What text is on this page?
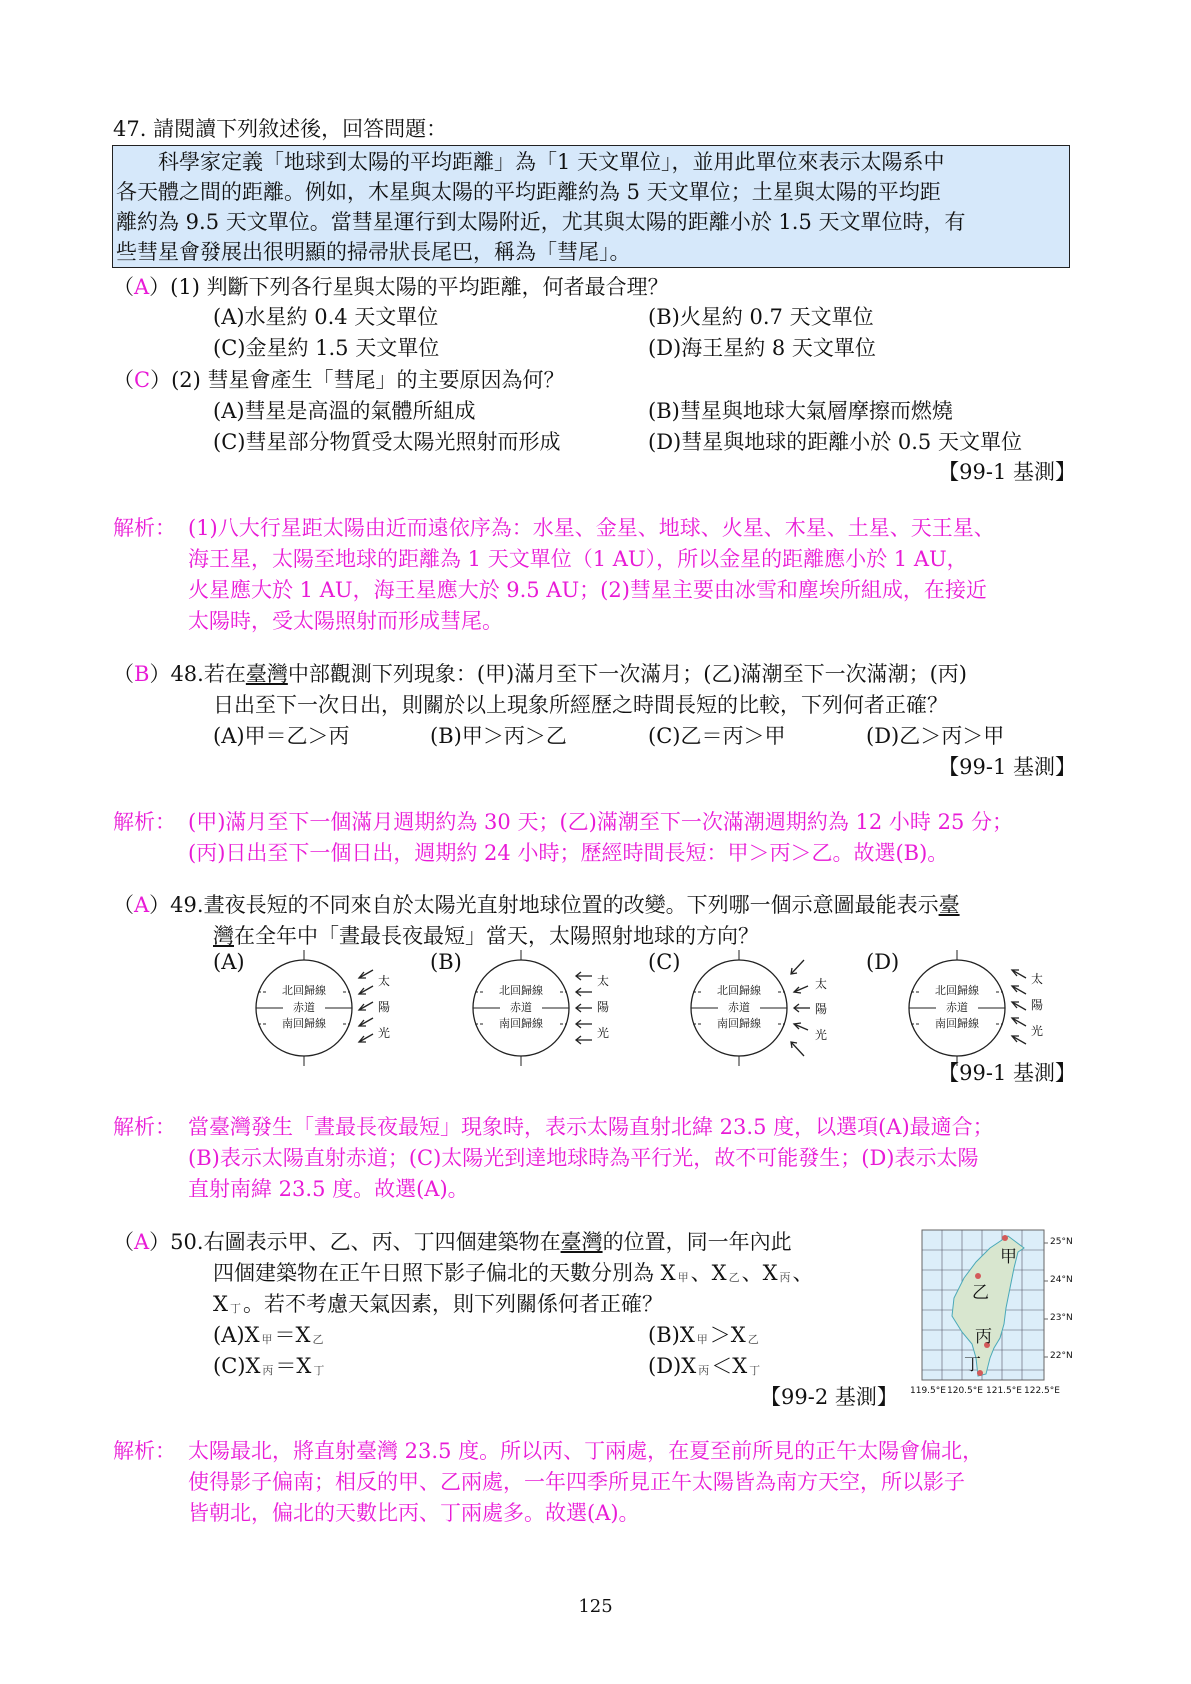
47. 請閱讀下列敘述後，回答問題：
　　科學家定義「地球到太陽的平均距離」為「1 天文單位」，並用此單位來表示太陽系中
各天體之間的距離。例如，木星與太陽的平均距離約為 5 天文單位；土星與太陽的平均距
離約為 9.5 天文單位。當彗星運行到太陽附近，尤其與太陽的距離小於 1.5 天文單位時，有
些彗星會發展出很明顯的掃帚狀長尾巴，稱為「彗尾」。
（A）(1) 判斷下列各行星與太陽的平均距離，何者最合理？
(A)水星約 0.4 天文單位	(B)火星約 0.7 天文單位
(C)金星約 1.5 天文單位	(D)海王星約 8 天文單位
（C）(2) 彗星會產生「彗尾」的主要原因為何？
(A)彗星是高溫的氣體所組成	(B)彗星與地球大氣層摩擦而燃燒
(C)彗星部分物質受太陽光照射而形成	(D)彗星與地球的距離小於 0.5 天文單位
【99-1 基測】
解析： (1)八大行星距太陽由近而遠依序為：水星、金星、地球、火星、木星、土星、天王星、
海王星，太陽至地球的距離為 1 天文單位（1 AU），所以金星的距離應小於 1 AU，
火星應大於 1 AU，海王星應大於 9.5 AU；(2)彗星主要由冰雪和塵埃所組成，在接近
太陽時，受太陽照射而形成彗尾。
（B）48.若在臺灣中部觀測下列現象：(甲)滿月至下一次滿月；(乙)滿潮至下一次滿潮；(丙)
日出至下一次日出，則關於以上現象所經歷之時間長短的比較，下列何者正確？
(A)甲＝乙＞丙	(B)甲＞丙＞乙	(C)乙＝丙＞甲	(D)乙＞丙＞甲
【99-1 基測】
解析： (甲)滿月至下一個滿月週期約為 30 天；(乙)滿潮至下一次滿潮週期約為 12 小時 25 分；
(丙)日出至下一個日出，週期約 24 小時；歷經時間長短：甲＞丙＞乙。故選(B)。
（A）49.晝夜長短的不同來自於太陽光直射地球位置的改變。下列哪一個示意圖最能表示臺
灣在全年中「晝最長夜最短」當天，太陽照射地球的方向？
(A)
北回歸線
赤道
南回歸線
太
陽
光
(B)
北回歸線
赤道
南回歸線
太
陽
光
(C)
北回歸線
赤道
南回歸線
太
陽
光
(D)
北回歸線
赤道
南回歸線
太
陽
光
【99-1 基測】
解析： 當臺灣發生「晝最長夜最短」現象時，表示太陽直射北緯 23.5 度，以選項(A)最適合；
(B)表示太陽直射赤道；(C)太陽光到達地球時為平行光，故不可能發生；(D)表示太陽
直射南緯 23.5 度。故選(A)。
（A）50.右圖表示甲、乙、丙、丁四個建築物在臺灣的位置，同一年內此
四個建築物在正午日照下影子偏北的天數分別為 X 甲、X 乙、X 丙、
X 丁。若不考慮天氣因素，則下列關係何者正確？
(A)X 甲＝X 乙	(B)X 甲＞X 乙
(C)X 丙＝X 丁	(D)X 丙＜X 丁
【99-2 基測】
甲
乙
丙
丁
25°N
24°N
23°N
22°N
119.5°E 120.5°E 121.5°E 122.5°E
解析： 太陽最北，將直射臺灣 23.5 度。所以丙、丁兩處，在夏至前所見的正午太陽會偏北，
使得影子偏南；相反的甲、乙兩處，一年四季所見正午太陽皆為南方天空，所以影子
皆朝北，偏北的天數比丙、丁兩處多。故選(A)。
125
